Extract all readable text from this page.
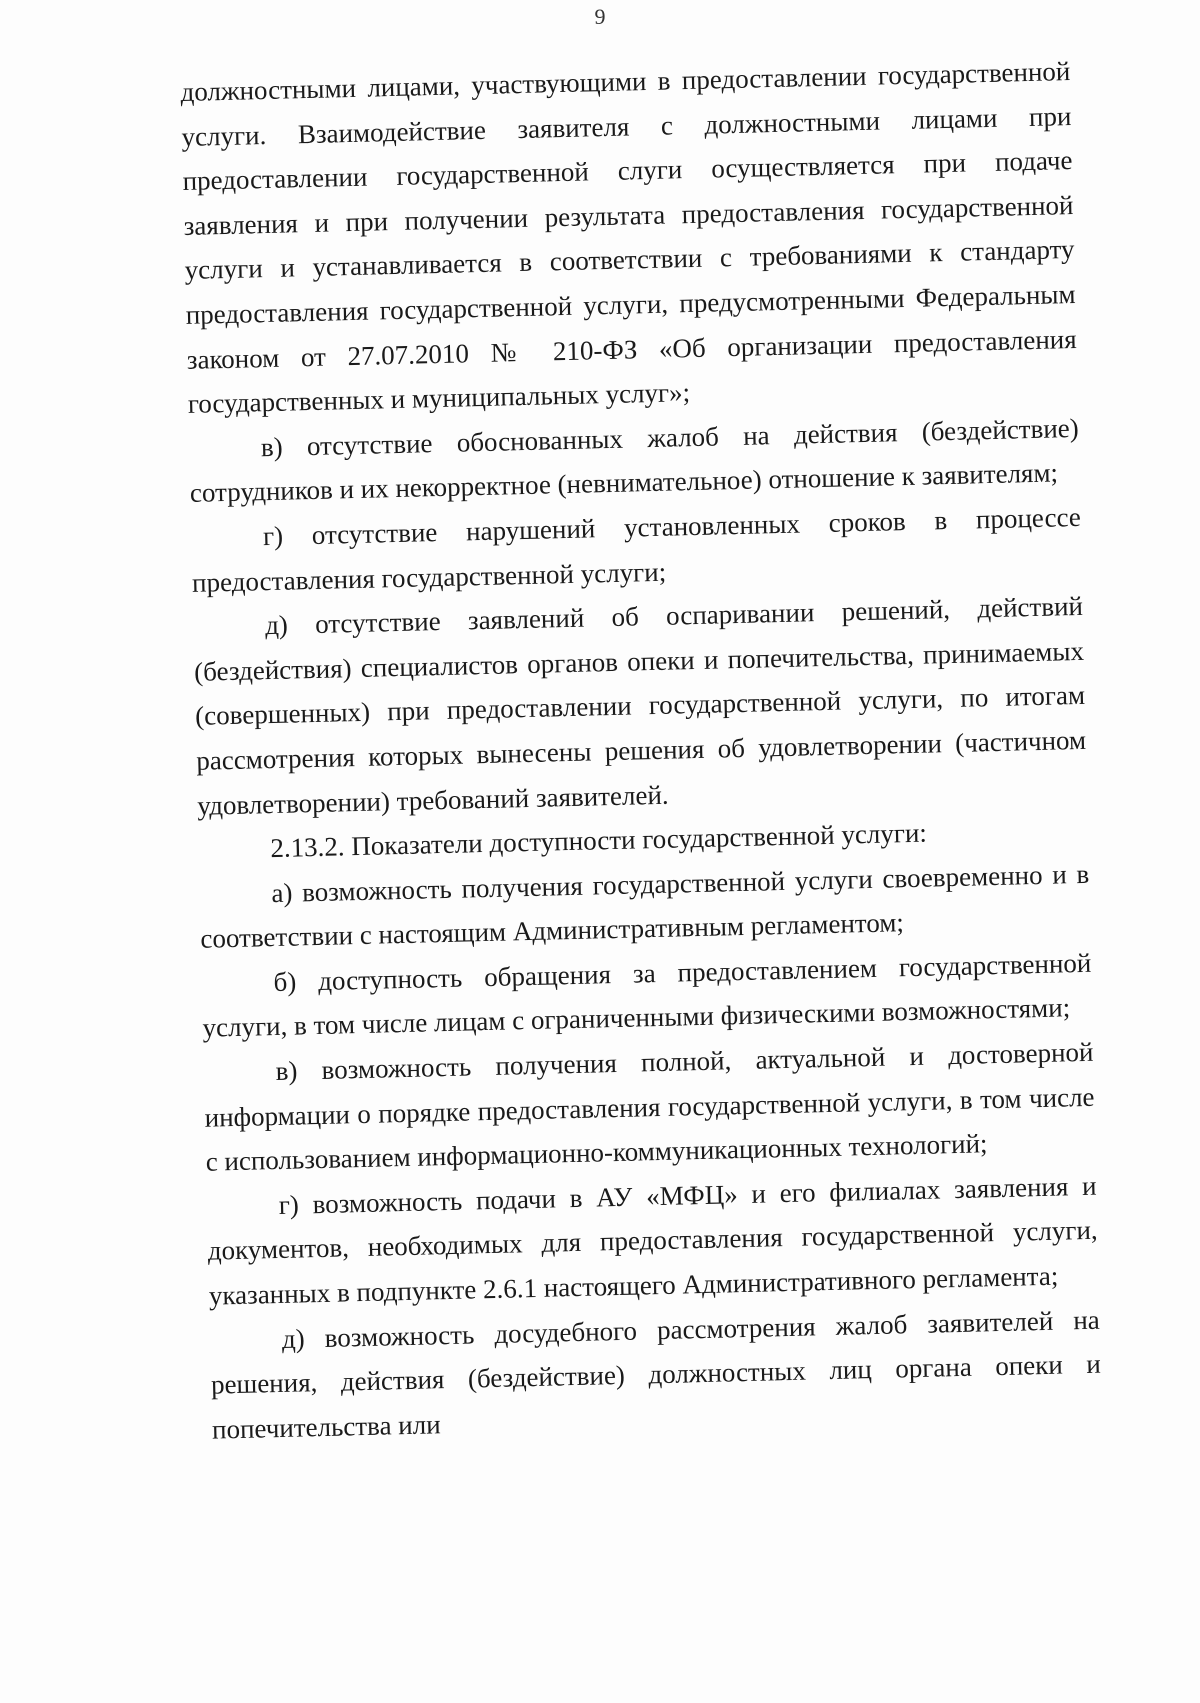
9

должностными лицами, участвующими в предоставлении государственной услуги. Взаимодействие заявителя с должностными лицами при предоставлении государственной слуги осуществляется при подаче заявления и при получении результата предоставления государственной услуги и устанавливается в соответствии с требованиями к стандарту предоставления государственной услуги, предусмотренными Федеральным законом от 27.07.2010 № 210-ФЗ «Об организации предоставления государственных и муниципальных услуг»;

в) отсутствие обоснованных жалоб на действия (бездействие) сотрудников и их некорректное (невнимательное) отношение к заявителям;

г) отсутствие нарушений установленных сроков в процессе предоставления государственной услуги;

д) отсутствие заявлений об оспаривании решений, действий (бездействия) специалистов органов опеки и попечительства, принимаемых (совершенных) при предоставлении государственной услуги, по итогам рассмотрения которых вынесены решения об удовлетворении (частичном удовлетворении) требований заявителей.

2.13.2. Показатели доступности государственной услуги:

а) возможность получения государственной услуги своевременно и в соответствии с настоящим Административным регламентом;

б) доступность обращения за предоставлением государственной услуги, в том числе лицам с ограниченными физическими возможностями;

в) возможность получения полной, актуальной и достоверной информации о порядке предоставления государственной услуги, в том числе с использованием информационно-коммуникационных технологий;

г) возможность подачи в АУ «МФЦ» и его филиалах заявления и документов, необходимых для предоставления государственной услуги, указанных в подпункте 2.6.1 настоящего Административного регламента;

д) возможность досудебного рассмотрения жалоб заявителей на решения, действия (бездействие) должностных лиц органа опеки и попечительства или
